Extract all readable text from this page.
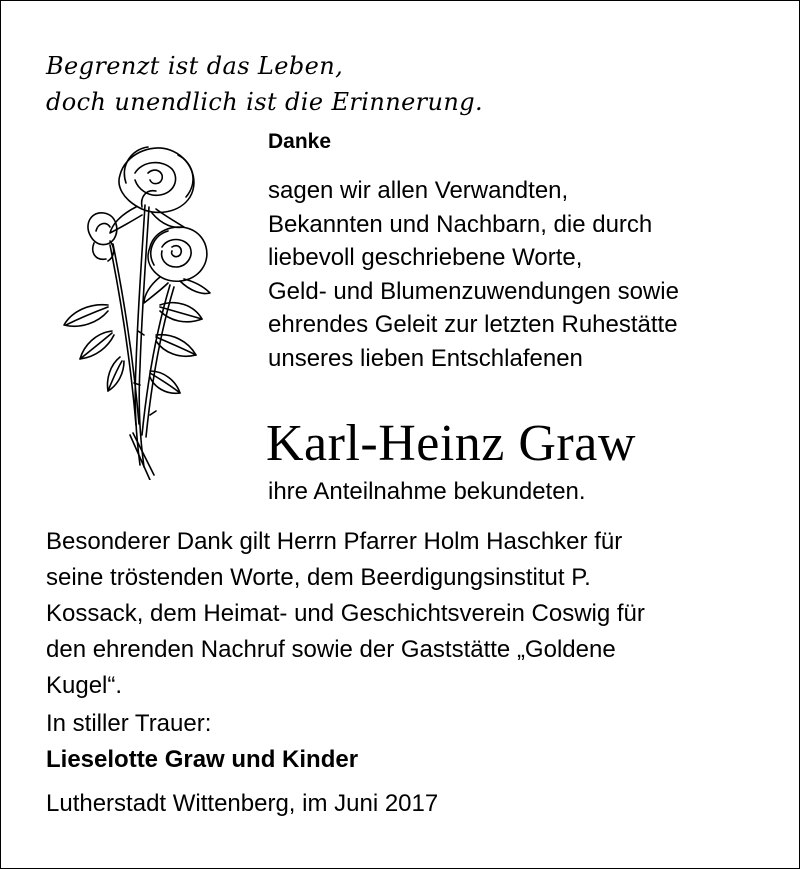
Begrenzt ist das Leben,
doch unendlich ist die Erinnerung.
Danke
sagen wir allen Verwandten,
Bekannten und Nachbarn, die durch
liebevoll geschriebene Worte,
Geld- und Blumenzuwendungen sowie
ehrendes Geleit zur letzten Ruhestätte
unseres lieben Entschlafenen
Karl-Heinz Graw
ihre Anteilnahme bekundeten.
Besonderer Dank gilt Herrn Pfarrer Holm Haschker für
seine tröstenden Worte, dem Beerdigungsinstitut P.
Kossack, dem Heimat- und Geschichtsverein Coswig für
den ehrenden Nachruf sowie der Gaststätte „Goldene
Kugel“.
In stiller Trauer:
Lieselotte Graw und Kinder
Lutherstadt Wittenberg, im Juni 2017
